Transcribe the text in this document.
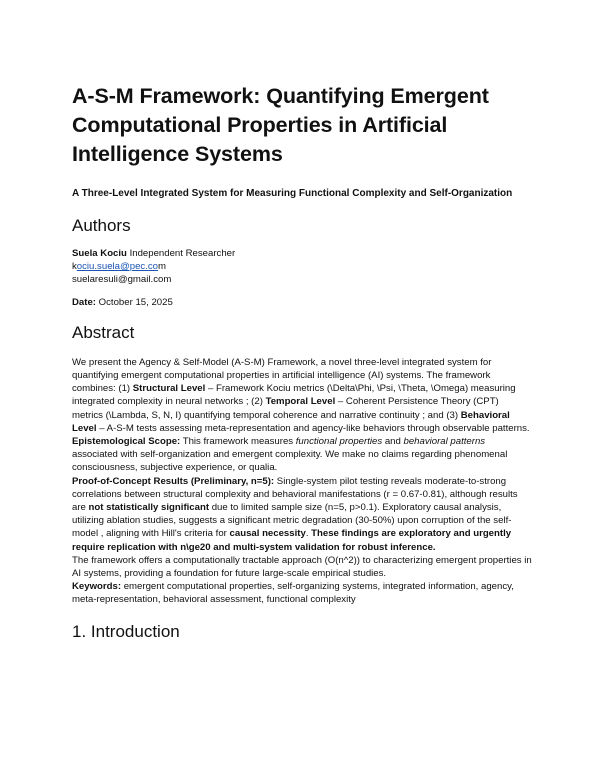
A-S-M Framework: Quantifying Emergent Computational Properties in Artificial Intelligence Systems

A Three-Level Integrated System for Measuring Functional Complexity and Self-Organization

Authors

Suela Kociu Independent Researcher

kociu.suela@pec.com

suelaresuli@gmail.com

Date: October 15, 2025

Abstract

We present the Agency & Self-Model (A-S-M) Framework, a novel three-level integrated system for quantifying emergent computational properties in artificial intelligence (AI) systems. The framework combines: (1) Structural Level – Framework Kociu metrics (\Delta\Phi, \Psi, \Theta, \Omega) measuring integrated complexity in neural networks ; (2) Temporal Level – Coherent Persistence Theory (CPT) metrics (\Lambda, S, N, I) quantifying temporal coherence and narrative continuity ; and (3) Behavioral Level – A-S-M tests assessing meta-representation and agency-like behaviors through observable patterns.

Epistemological Scope: This framework measures functional properties and behavioral patterns associated with self-organization and emergent complexity. We make no claims regarding phenomenal consciousness, subjective experience, or qualia.

Proof-of-Concept Results (Preliminary, n=5): Single-system pilot testing reveals moderate-to-strong correlations between structural complexity and behavioral manifestations (r = 0.67-0.81), although results are not statistically significant due to limited sample size (n=5, p>0.1). Exploratory causal analysis, utilizing ablation studies, suggests a significant metric degradation (30-50%) upon corruption of the self-model , aligning with Hill's criteria for causal necessity. These findings are exploratory and urgently require replication with n\ge20 and multi-system validation for robust inference.

The framework offers a computationally tractable approach (O(n^2)) to characterizing emergent properties in AI systems, providing a foundation for future large-scale empirical studies.

Keywords: emergent computational properties, self-organizing systems, integrated information, agency, meta-representation, behavioral assessment, functional complexity

1. Introduction
